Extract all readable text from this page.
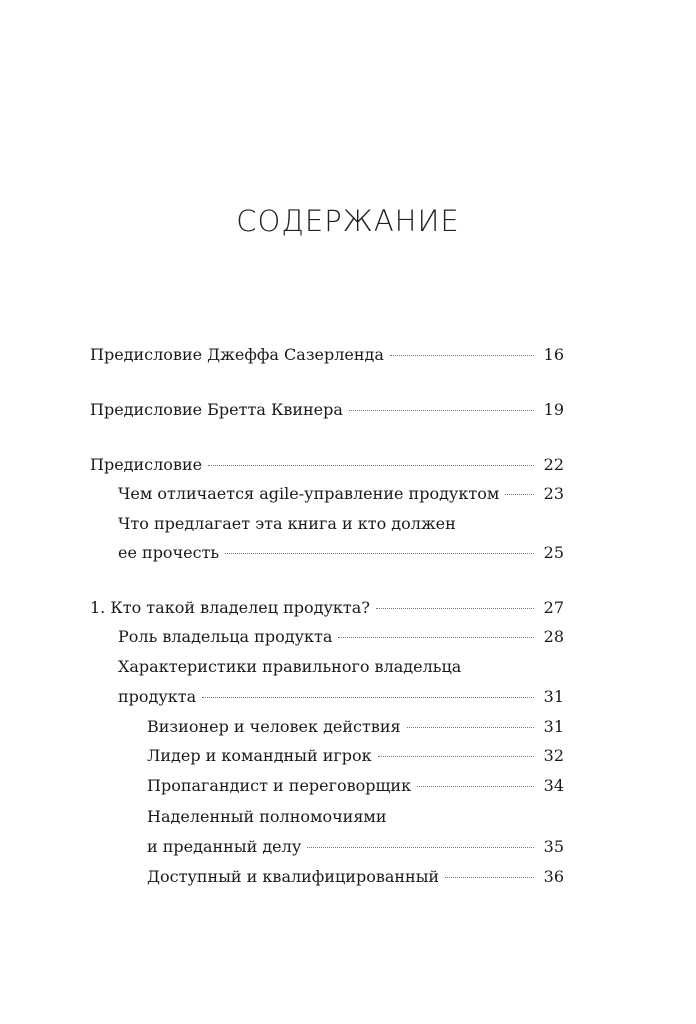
СОДЕРЖАНИЕ
Предисловие Джеффа Сазерленда	16
Предисловие Бретта Квинера	19
Предисловие	22
Чем отличается agile-управление продуктом	23
Что предлагает эта книга и кто должен
ее прочесть	25
1. Кто такой владелец продукта?	27
Роль владельца продукта	28
Характеристики правильного владельца
продукта	31
Визионер и человек действия	31
Лидер и командный игрок	32
Пропагандист и переговорщик	34
Наделенный полномочиями
и преданный делу	35
Доступный и квалифицированный	36
